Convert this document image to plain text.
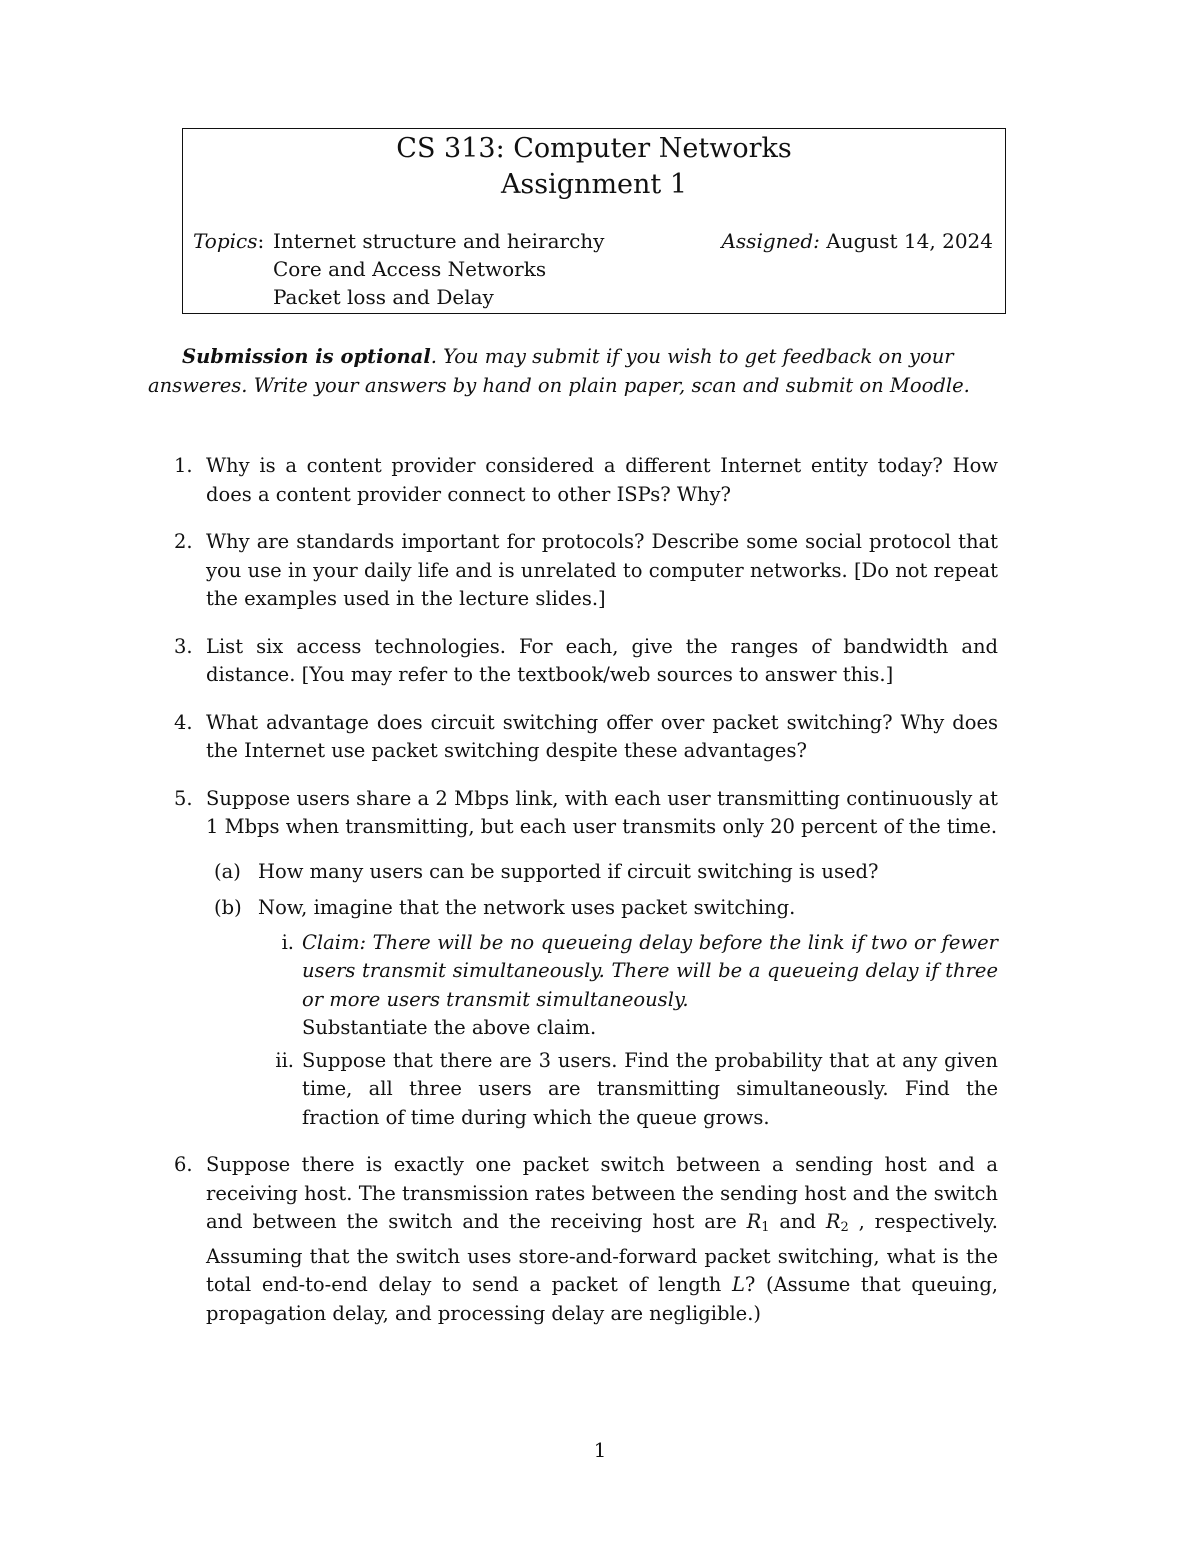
CS 313: Computer Networks
Assignment 1
Topics: Internet structure and heirarchy
Core and Access Networks
Packet loss and Delay
Assigned: August 14, 2024
Submission is optional. You may submit if you wish to get feedback on your answeres. Write your answers by hand on plain paper, scan and submit on Moodle.
1. Why is a content provider considered a different Internet entity today? How does a content provider connect to other ISPs? Why?
2. Why are standards important for protocols? Describe some social protocol that you use in your daily life and is unrelated to computer networks. [Do not repeat the examples used in the lecture slides.]
3. List six access technologies. For each, give the ranges of bandwidth and distance. [You may refer to the textbook/web sources to answer this.]
4. What advantage does circuit switching offer over packet switching? Why does the Internet use packet switching despite these advantages?
5. Suppose users share a 2 Mbps link, with each user transmitting continuously at 1 Mbps when transmitting, but each user transmits only 20 percent of the time.
(a) How many users can be supported if circuit switching is used?
(b) Now, imagine that the network uses packet switching.
i. Claim: There will be no queueing delay before the link if two or fewer users transmit simultaneously. There will be a queueing delay if three or more users transmit simultaneously.
Substantiate the above claim.
ii. Suppose that there are 3 users. Find the probability that at any given time, all three users are transmitting simultaneously. Find the fraction of time during which the queue grows.
6. Suppose there is exactly one packet switch between a sending host and a receiving host. The transmission rates between the sending host and the switch and between the switch and the receiving host are R1 and R2 , respectively. Assuming that the switch uses store-and-forward packet switching, what is the total end-to-end delay to send a packet of length L? (Assume that queuing, propagation delay, and processing delay are negligible.)
1
